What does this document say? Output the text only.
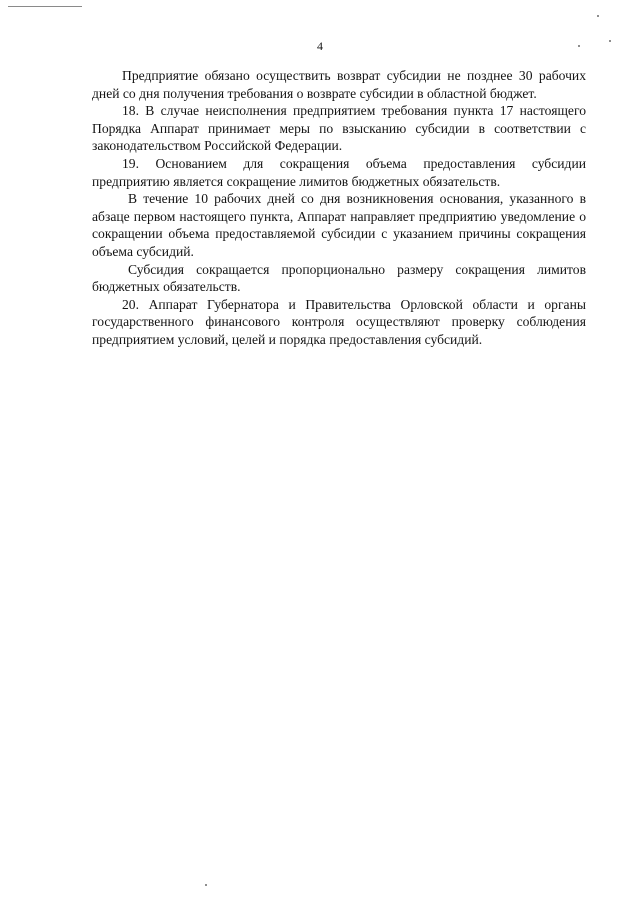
4

Предприятие обязано осуществить возврат субсидии не позднее 30 рабочих дней со дня получения требования о возврате субсидии в областной бюджет.

18. В случае неисполнения предприятием требования пункта 17 настоящего Порядка Аппарат принимает меры по взысканию субсидии в соответствии с законодательством Российской Федерации.

19. Основанием для сокращения объема предоставления субсидии предприятию является сокращение лимитов бюджетных обязательств.

В течение 10 рабочих дней со дня возникновения основания, указанного в абзаце первом настоящего пункта, Аппарат направляет предприятию уведомление о сокращении объема предоставляемой субсидии с указанием причины сокращения объема субсидий.

Субсидия сокращается пропорционально размеру сокращения лимитов бюджетных обязательств.

20. Аппарат Губернатора и Правительства Орловской области и органы государственного финансового контроля осуществляют проверку соблюдения предприятием условий, целей и порядка предоставления субсидий.
